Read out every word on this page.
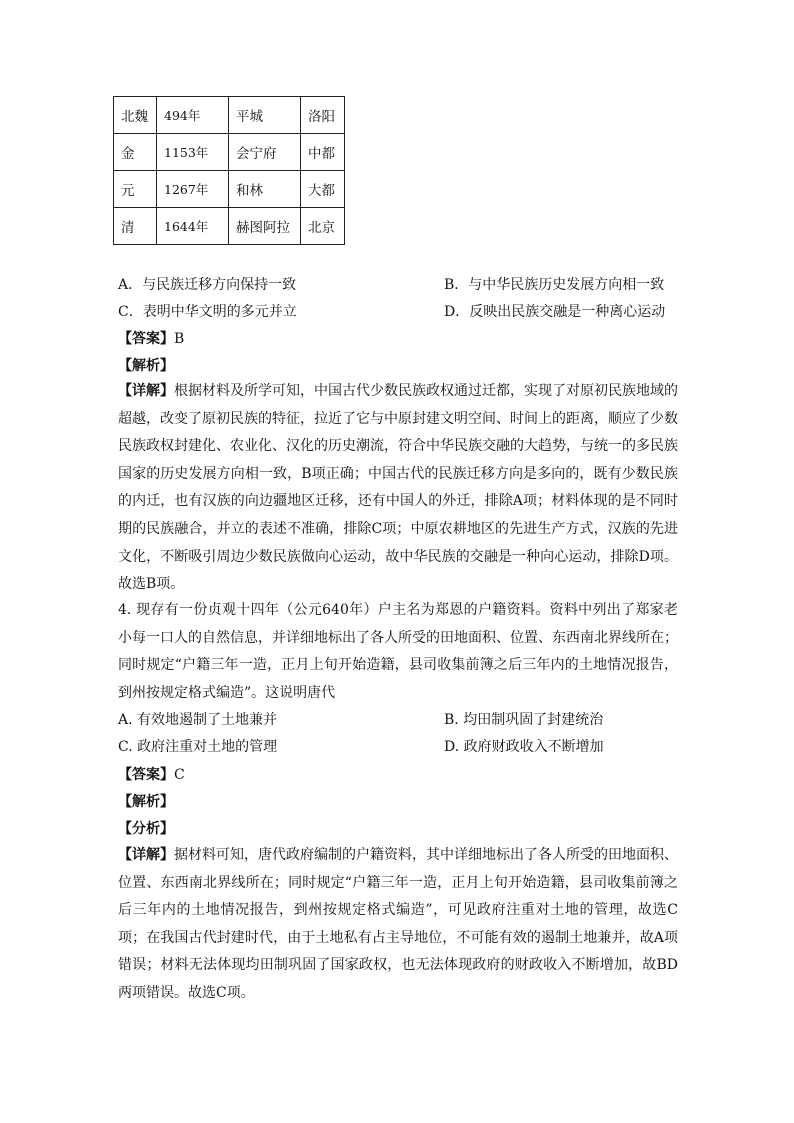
北魏	494年	平城	洛阳
金	1153年	会宁府	中都
元	1267年	和林	大都
清	1644年	赫图阿拉	北京
A．与民族迁移方向保持一致	B．与中华民族历史发展方向相一致
C．表明中华文明的多元并立	D．反映出民族交融是一种离心运动
【答案】B
【解析】
【详解】根据材料及所学可知，中国古代少数民族政权通过迁都，实现了对原初民族地域的超越，改变了原初民族的特征，拉近了它与中原封建文明空间、时间上的距离，顺应了少数民族政权封建化、农业化、汉化的历史潮流，符合中华民族交融的大趋势，与统一的多民族国家的历史发展方向相一致，B项正确；中国古代的民族迁移方向是多向的，既有少数民族的内迁，也有汉族的向边疆地区迁移，还有中国人的外迁，排除A项；材料体现的是不同时期的民族融合，并立的表述不准确，排除C项；中原农耕地区的先进生产方式，汉族的先进文化，不断吸引周边少数民族做向心运动，故中华民族的交融是一种向心运动，排除D项。故选B项。
4. 现存有一份贞观十四年（公元640年）户主名为郑恩的户籍资料。资料中列出了郑家老小每一口人的自然信息，并详细地标出了各人所受的田地面积、位置、东西南北界线所在；同时规定“户籍三年一造，正月上旬开始造籍，县司收集前簿之后三年内的土地情况报告，到州按规定格式编造”。这说明唐代
A. 有效地遏制了土地兼并	B. 均田制巩固了封建统治
C. 政府注重对土地的管理	D. 政府财政收入不断增加
【答案】C
【解析】
【分析】
【详解】据材料可知，唐代政府编制的户籍资料，其中详细地标出了各人所受的田地面积、位置、东西南北界线所在；同时规定“户籍三年一造，正月上旬开始造籍，县司收集前簿之后三年内的土地情况报告，到州按规定格式编造”，可见政府注重对土地的管理，故选C项；在我国古代封建时代，由于土地私有占主导地位，不可能有效的遏制土地兼并，故A项错误；材料无法体现均田制巩固了国家政权，也无法体现政府的财政收入不断增加，故BD两项错误。故选C项。
